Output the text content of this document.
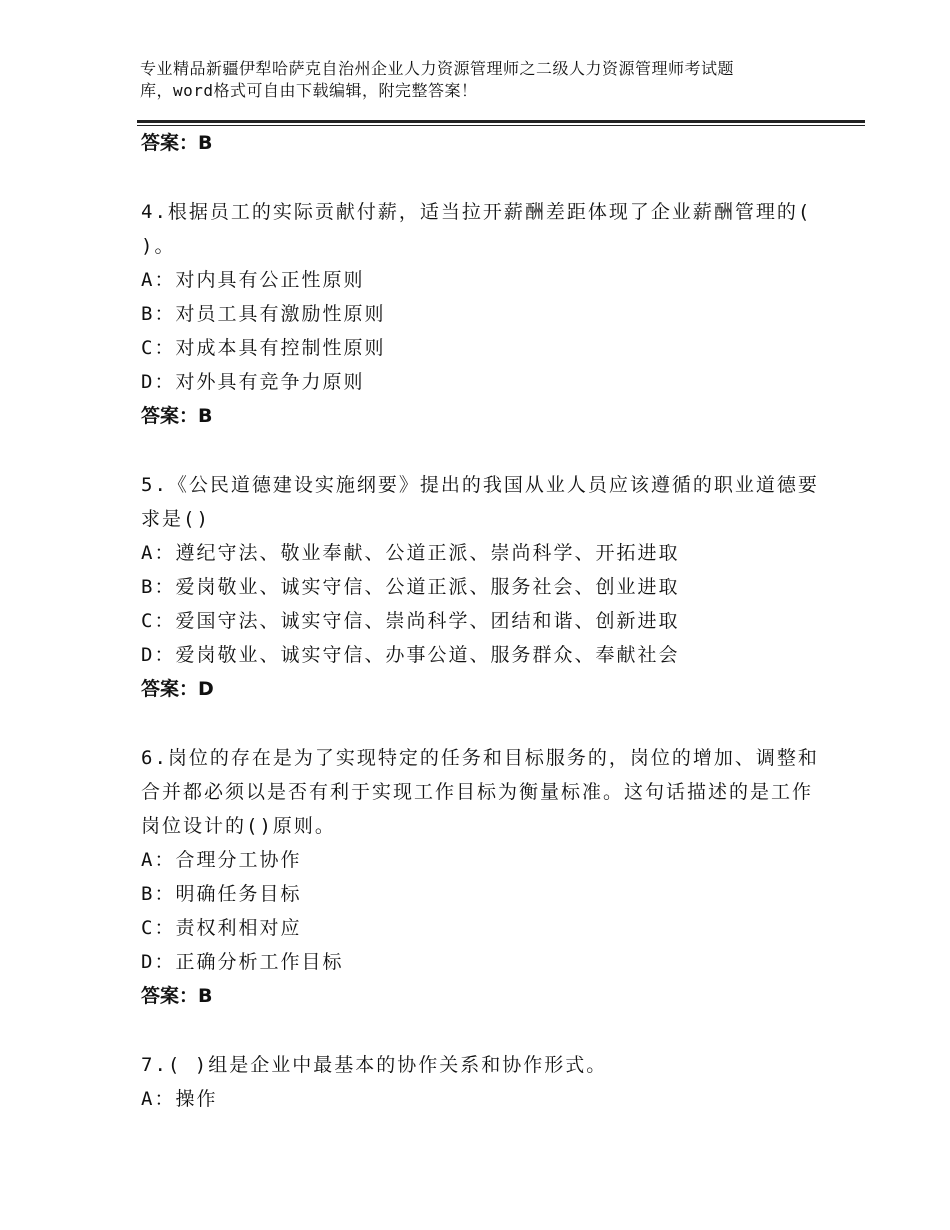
专业精品新疆伊犁哈萨克自治州企业人力资源管理师之二级人力资源管理师考试题
库，word格式可自由下载编辑，附完整答案！
答案：B
4.根据员工的实际贡献付薪，适当拉开薪酬差距体现了企业薪酬管理的( )。
A：对内具有公正性原则
B：对员工具有激励性原则
C：对成本具有控制性原则
D：对外具有竞争力原则
答案：B
5.《公民道德建设实施纲要》提出的我国从业人员应该遵循的职业道德要求是()
A：遵纪守法、敬业奉献、公道正派、崇尚科学、开拓进取
B：爱岗敬业、诚实守信、公道正派、服务社会、创业进取
C：爱国守法、诚实守信、崇尚科学、团结和谐、创新进取
D：爱岗敬业、诚实守信、办事公道、服务群众、奉献社会
答案：D
6.岗位的存在是为了实现特定的任务和目标服务的，岗位的增加、调整和合并都必须以是否有利于实现工作目标为衡量标准。这句话描述的是工作岗位设计的()原则。
A：合理分工协作
B：明确任务目标
C：责权利相对应
D：正确分析工作目标
答案：B
7.( )组是企业中最基本的协作关系和协作形式。
A：操作
